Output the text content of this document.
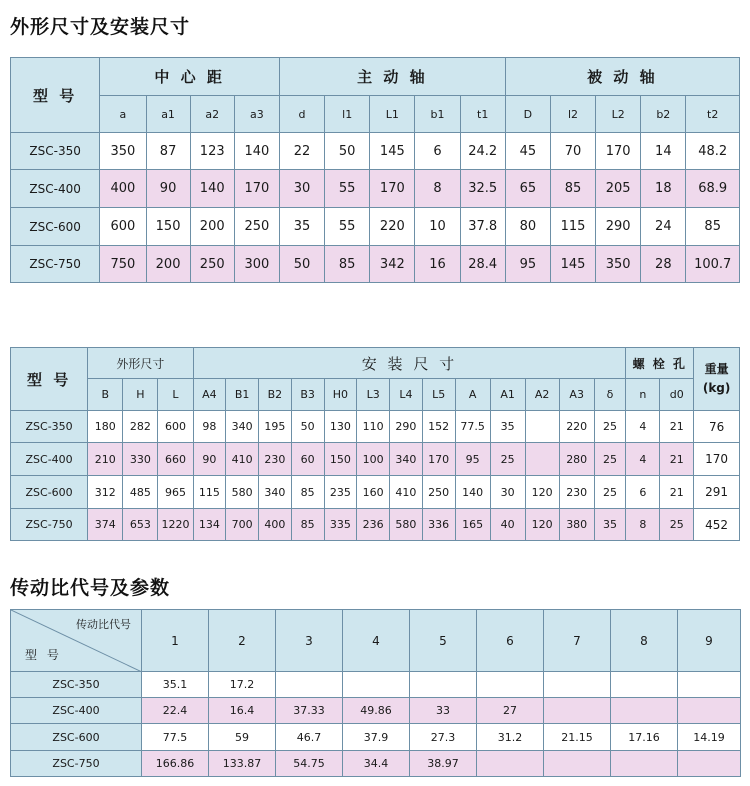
外形尺寸及安装尺寸
型 号	中 心 距				主 动 轴					被 动 轴				
	a	a1	a2	a3	d	l1	L1	b1	t1	D	l2	L2	b2	t2
ZSC-350	350	87	123	140	22	50	145	6	24.2	45	70	170	14	48.2
ZSC-400	400	90	140	170	30	55	170	8	32.5	65	85	205	18	68.9
ZSC-600	600	150	200	250	35	55	220	10	37.8	80	115	290	24	85
ZSC-750	750	200	250	300	50	85	342	16	28.4	95	145	350	28	100.7
型 号	外形尺寸			安 装 尺 寸													螺 栓 孔		重量
(kg)

	B	H	L	A4	B1	B2	B3	H0	L3	L4	L5	A	A1	A2	A3	δ	n	d0	
ZSC-350	180	282	600	98	340	195	50	130	110	290	152	77.5	35		220	25	4	21	76
ZSC-400	210	330	660	90	410	230	60	150	100	340	170	95	25		280	25	4	21	170
ZSC-600	312	485	965	115	580	340	85	235	160	410	250	140	30	120	230	25	6	21	291
ZSC-750	374	653	1220	134	700	400	85	335	236	580	336	165	40	120	380	35	8	25	452
传动比代号及参数
传动比代号
型 号	1	2	3	4	5	6	7	8	9
ZSC-350	35.1	17.2							
ZSC-400	22.4	16.4	37.33	49.86	33	27			
ZSC-600	77.5	59	46.7	37.9	27.3	31.2	21.15	17.16	14.19
ZSC-750	166.86	133.87	54.75	34.4	38.97				
